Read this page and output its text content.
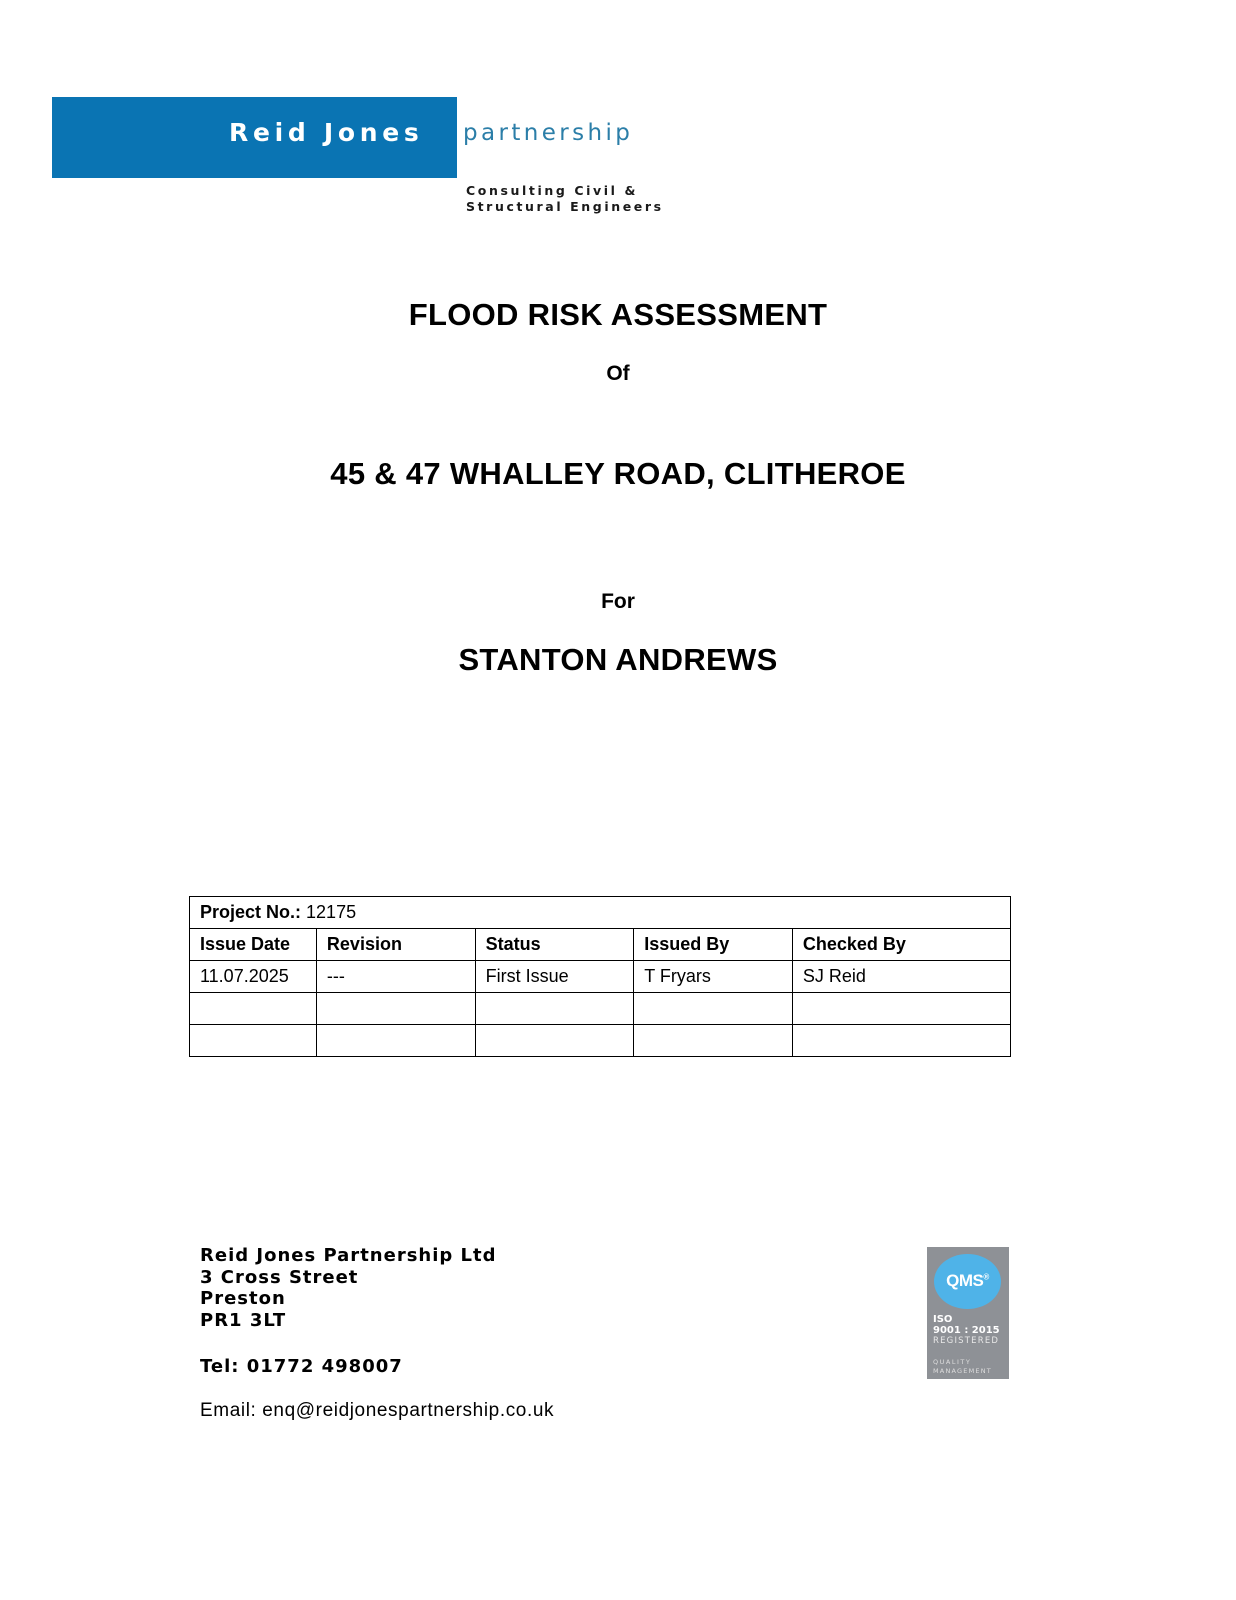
Reid Jones partnership
Consulting Civil &
Structural Engineers
FLOOD RISK ASSESSMENT
Of
45 & 47 WHALLEY ROAD, CLITHEROE
For
STANTON ANDREWS
Project No.: 12175				
Issue Date	Revision	Status	Issued By	Checked By
11.07.2025	---	First Issue	T Fryars	SJ Reid

Reid Jones Partnership Ltd
3 Cross Street
Preston
PR1 3LT
Tel: 01772 498007
Email: enq@reidjonespartnership.co.uk
QMS®
ISO
9001 : 2015
REGISTERED
QUALITY
MANAGEMENT
